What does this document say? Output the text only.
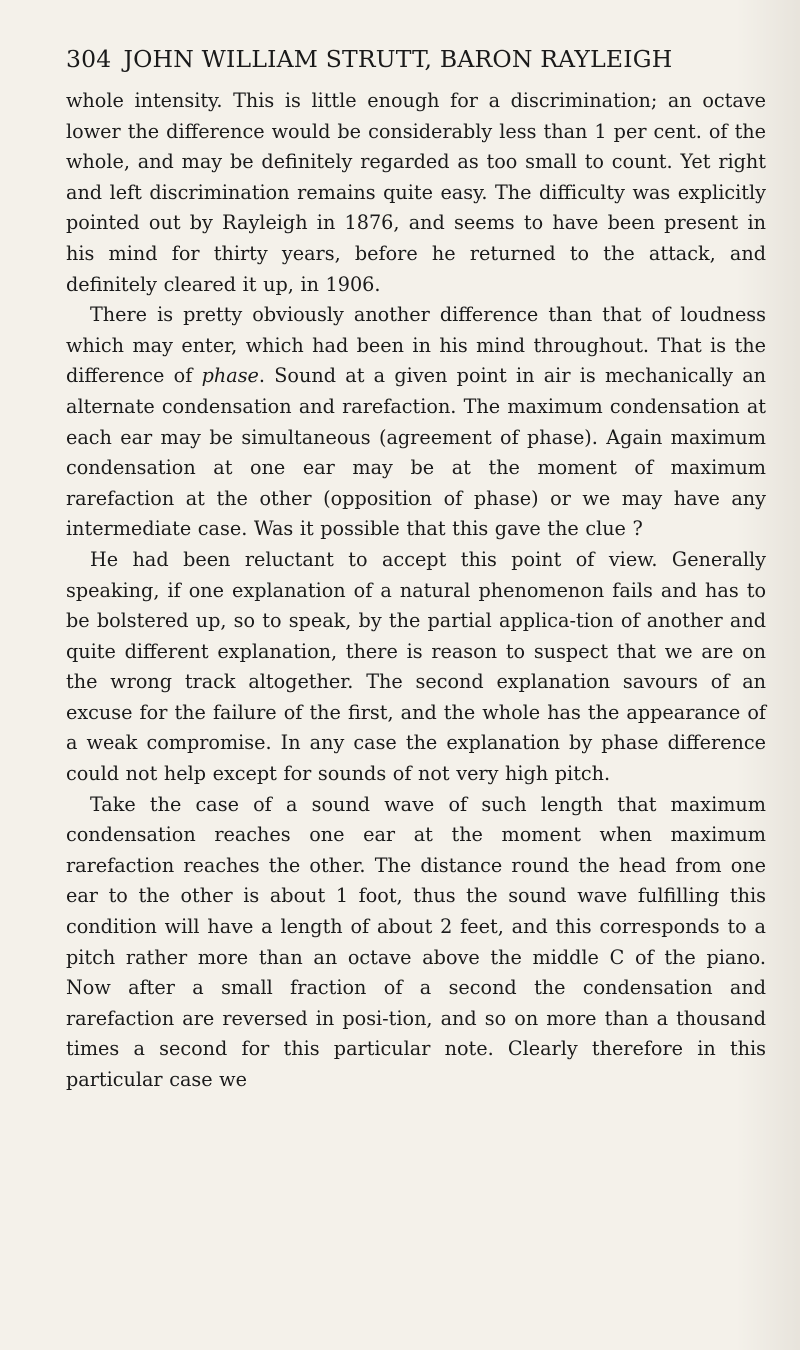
304 JOHN WILLIAM STRUTT, BARON RAYLEIGH

whole intensity. This is little enough for a discrimination; an octave lower the difference would be considerably less than 1 per cent. of the whole, and may be definitely regarded as too small to count. Yet right and left discrimination remains quite easy. The difficulty was explicitly pointed out by Rayleigh in 1876, and seems to have been present in his mind for thirty years, before he returned to the attack, and definitely cleared it up, in 1906.

There is pretty obviously another difference than that of loudness which may enter, which had been in his mind throughout. That is the difference of phase. Sound at a given point in air is mechanically an alternate condensation and rarefaction. The maximum condensation at each ear may be simultaneous (agreement of phase). Again maximum condensation at one ear may be at the moment of maximum rarefaction at the other (opposition of phase) or we may have any intermediate case. Was it possible that this gave the clue ?

He had been reluctant to accept this point of view. Generally speaking, if one explanation of a natural phenomenon fails and has to be bolstered up, so to speak, by the partial applica-tion of another and quite different explanation, there is reason to suspect that we are on the wrong track altogether. The second explanation savours of an excuse for the failure of the first, and the whole has the appearance of a weak compromise. In any case the explanation by phase difference could not help except for sounds of not very high pitch.

Take the case of a sound wave of such length that maximum condensation reaches one ear at the moment when maximum rarefaction reaches the other. The distance round the head from one ear to the other is about 1 foot, thus the sound wave fulfilling this condition will have a length of about 2 feet, and this corresponds to a pitch rather more than an octave above the middle C of the piano. Now after a small fraction of a second the condensation and rarefaction are reversed in posi-tion, and so on more than a thousand times a second for this particular note. Clearly therefore in this particular case we
